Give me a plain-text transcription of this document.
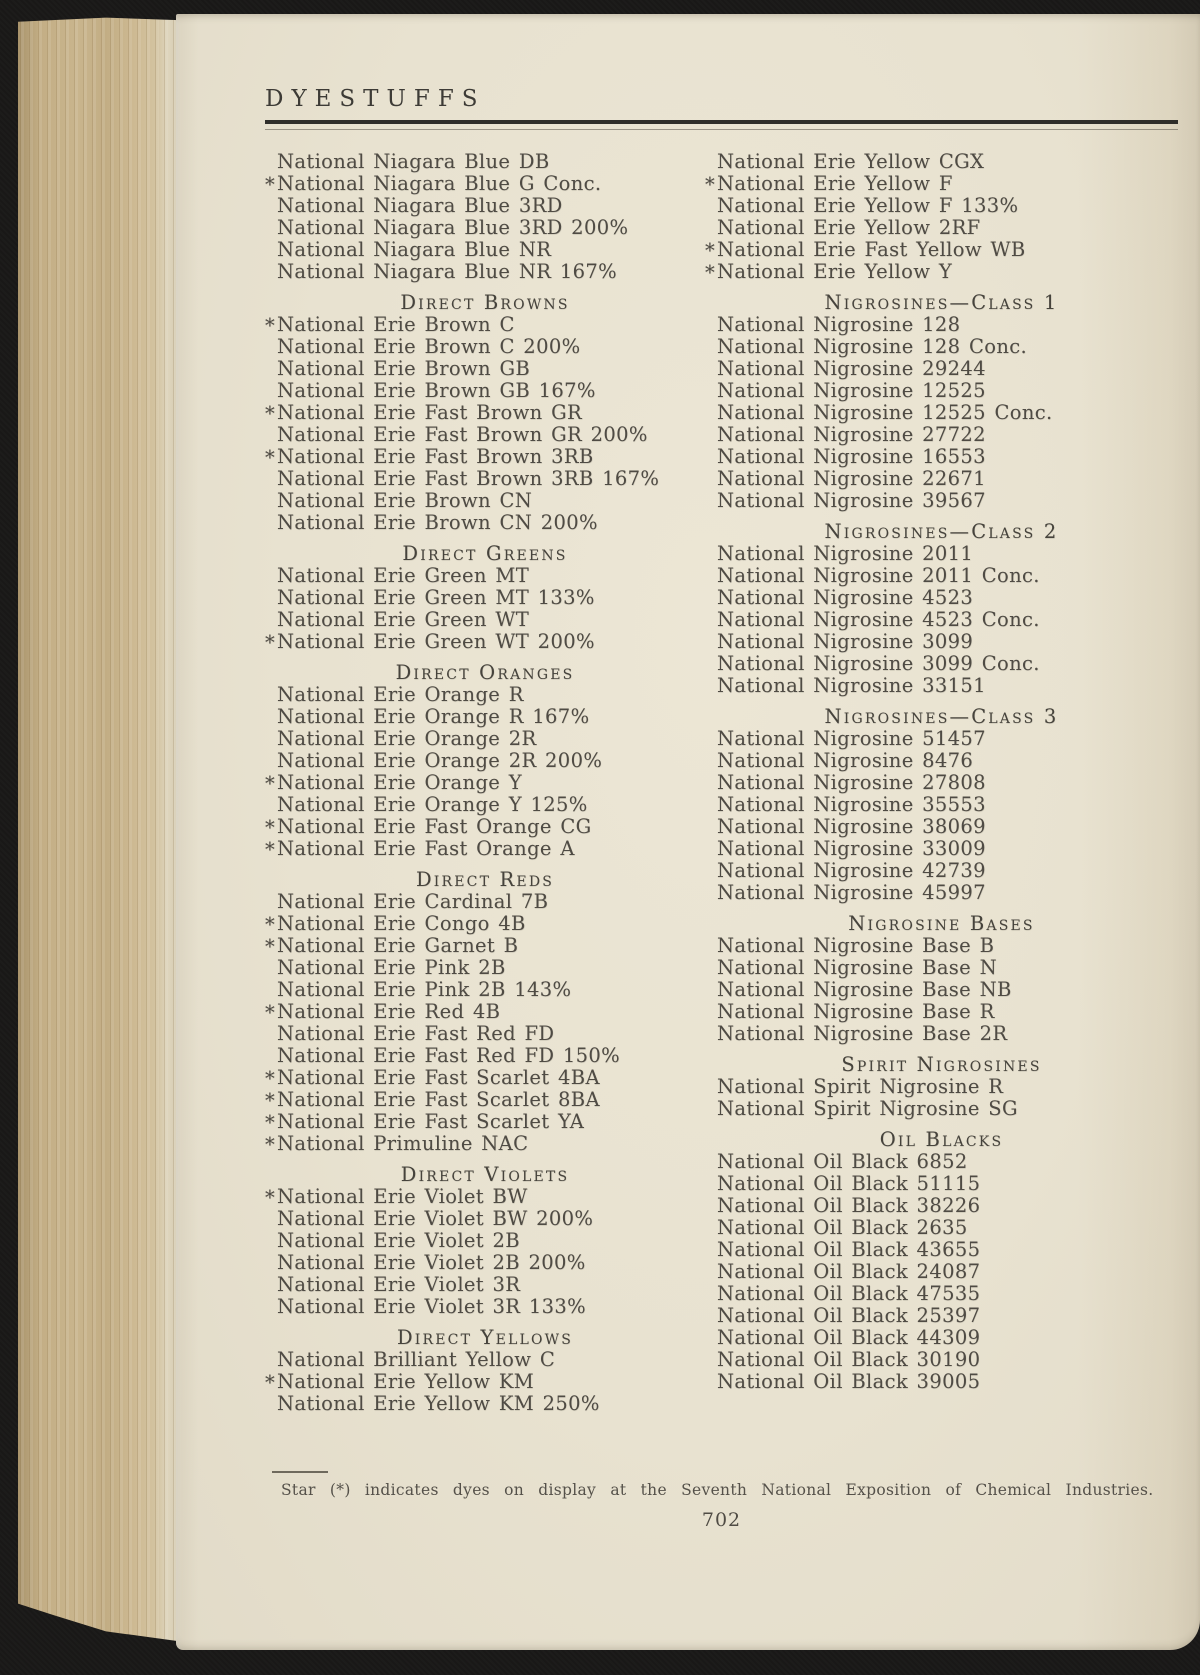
DYESTUFFS
National Niagara Blue DB
* National Niagara Blue G Conc.
National Niagara Blue 3RD
National Niagara Blue 3RD 200%
National Niagara Blue NR
National Niagara Blue NR 167%
Direct Browns
* National Erie Brown C
National Erie Brown C 200%
National Erie Brown GB
National Erie Brown GB 167%
* National Erie Fast Brown GR
National Erie Fast Brown GR 200%
* National Erie Fast Brown 3RB
National Erie Fast Brown 3RB 167%
National Erie Brown CN
National Erie Brown CN 200%
Direct Greens
National Erie Green MT
National Erie Green MT 133%
National Erie Green WT
* National Erie Green WT 200%
Direct Oranges
National Erie Orange R
National Erie Orange R 167%
National Erie Orange 2R
National Erie Orange 2R 200%
* National Erie Orange Y
National Erie Orange Y 125%
* National Erie Fast Orange CG
* National Erie Fast Orange A
Direct Reds
National Erie Cardinal 7B
* National Erie Congo 4B
* National Erie Garnet B
National Erie Pink 2B
National Erie Pink 2B 143%
* National Erie Red 4B
National Erie Fast Red FD
National Erie Fast Red FD 150%
* National Erie Fast Scarlet 4BA
* National Erie Fast Scarlet 8BA
* National Erie Fast Scarlet YA
* National Primuline NAC
Direct Violets
* National Erie Violet BW
National Erie Violet BW 200%
National Erie Violet 2B
National Erie Violet 2B 200%
National Erie Violet 3R
National Erie Violet 3R 133%
Direct Yellows
National Brilliant Yellow C
* National Erie Yellow KM
National Erie Yellow KM 250%
National Erie Yellow CGX
* National Erie Yellow F
National Erie Yellow F 133%
National Erie Yellow 2RF
* National Erie Fast Yellow WB
* National Erie Yellow Y
Nigrosines—Class 1
National Nigrosine 128
National Nigrosine 128 Conc.
National Nigrosine 29244
National Nigrosine 12525
National Nigrosine 12525 Conc.
National Nigrosine 27722
National Nigrosine 16553
National Nigrosine 22671
National Nigrosine 39567
Nigrosines—Class 2
National Nigrosine 2011
National Nigrosine 2011 Conc.
National Nigrosine 4523
National Nigrosine 4523 Conc.
National Nigrosine 3099
National Nigrosine 3099 Conc.
National Nigrosine 33151
Nigrosines—Class 3
National Nigrosine 51457
National Nigrosine 8476
National Nigrosine 27808
National Nigrosine 35553
National Nigrosine 38069
National Nigrosine 33009
National Nigrosine 42739
National Nigrosine 45997
Nigrosine Bases
National Nigrosine Base B
National Nigrosine Base N
National Nigrosine Base NB
National Nigrosine Base R
National Nigrosine Base 2R
Spirit Nigrosines
National Spirit Nigrosine R
National Spirit Nigrosine SG
Oil Blacks
National Oil Black 6852
National Oil Black 51115
National Oil Black 38226
National Oil Black 2635
National Oil Black 43655
National Oil Black 24087
National Oil Black 47535
National Oil Black 25397
National Oil Black 44309
National Oil Black 30190
National Oil Black 39005
Star (*) indicates dyes on display at the Seventh National Exposition of Chemical Industries.
702
